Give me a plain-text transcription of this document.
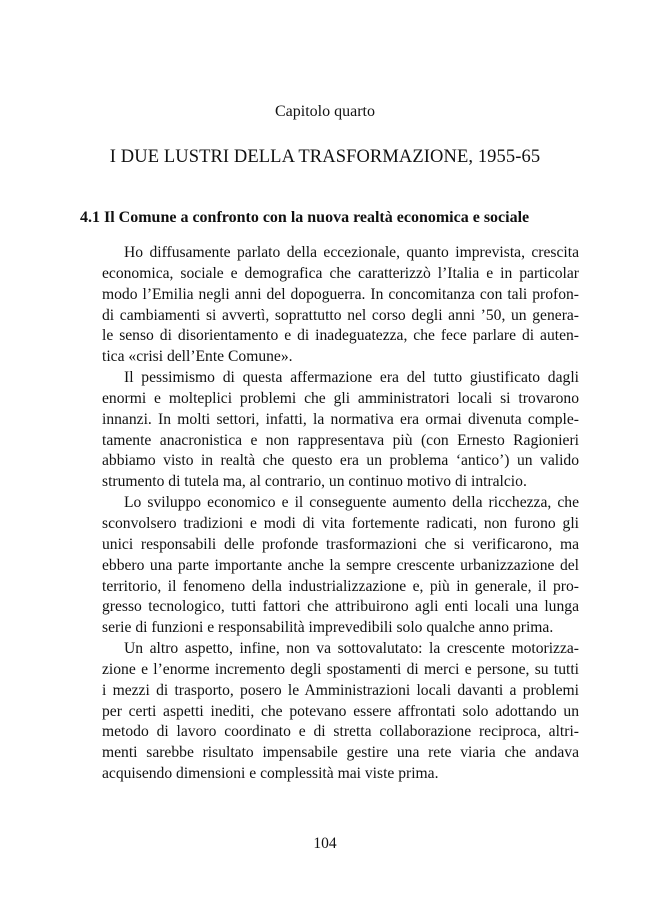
Capitolo quarto
I DUE LUSTRI DELLA TRASFORMAZIONE, 1955-65
4.1 Il Comune a confronto con la nuova realtà economica e sociale
Ho diffusamente parlato della eccezionale, quanto imprevista, crescita
economica, sociale e demografica che caratterizzò l’Italia e in particolar
modo l’Emilia negli anni del dopoguerra. In concomitanza con tali profon-
di cambiamenti si avvertì, soprattutto nel corso degli anni ’50, un genera-
le senso di disorientamento e di inadeguatezza, che fece parlare di auten-
tica «crisi dell’Ente Comune».
Il pessimismo di questa affermazione era del tutto giustificato dagli
enormi e molteplici problemi che gli amministratori locali si trovarono
innanzi. In molti settori, infatti, la normativa era ormai divenuta comple-
tamente anacronistica e non rappresentava più (con Ernesto Ragionieri
abbiamo visto in realtà che questo era un problema ‘antico’) un valido
strumento di tutela ma, al contrario, un continuo motivo di intralcio.
Lo sviluppo economico e il conseguente aumento della ricchezza, che
sconvolsero tradizioni e modi di vita fortemente radicati, non furono gli
unici responsabili delle profonde trasformazioni che si verificarono, ma
ebbero una parte importante anche la sempre crescente urbanizzazione del
territorio, il fenomeno della industrializzazione e, più in generale, il pro-
gresso tecnologico, tutti fattori che attribuirono agli enti locali una lunga
serie di funzioni e responsabilità imprevedibili solo qualche anno prima.
Un altro aspetto, infine, non va sottovalutato: la crescente motorizza-
zione e l’enorme incremento degli spostamenti di merci e persone, su tutti
i mezzi di trasporto, posero le Amministrazioni locali davanti a problemi
per certi aspetti inediti, che potevano essere affrontati solo adottando un
metodo di lavoro coordinato e di stretta collaborazione reciproca, altri-
menti sarebbe risultato impensabile gestire una rete viaria che andava
acquisendo dimensioni e complessità mai viste prima.
104
